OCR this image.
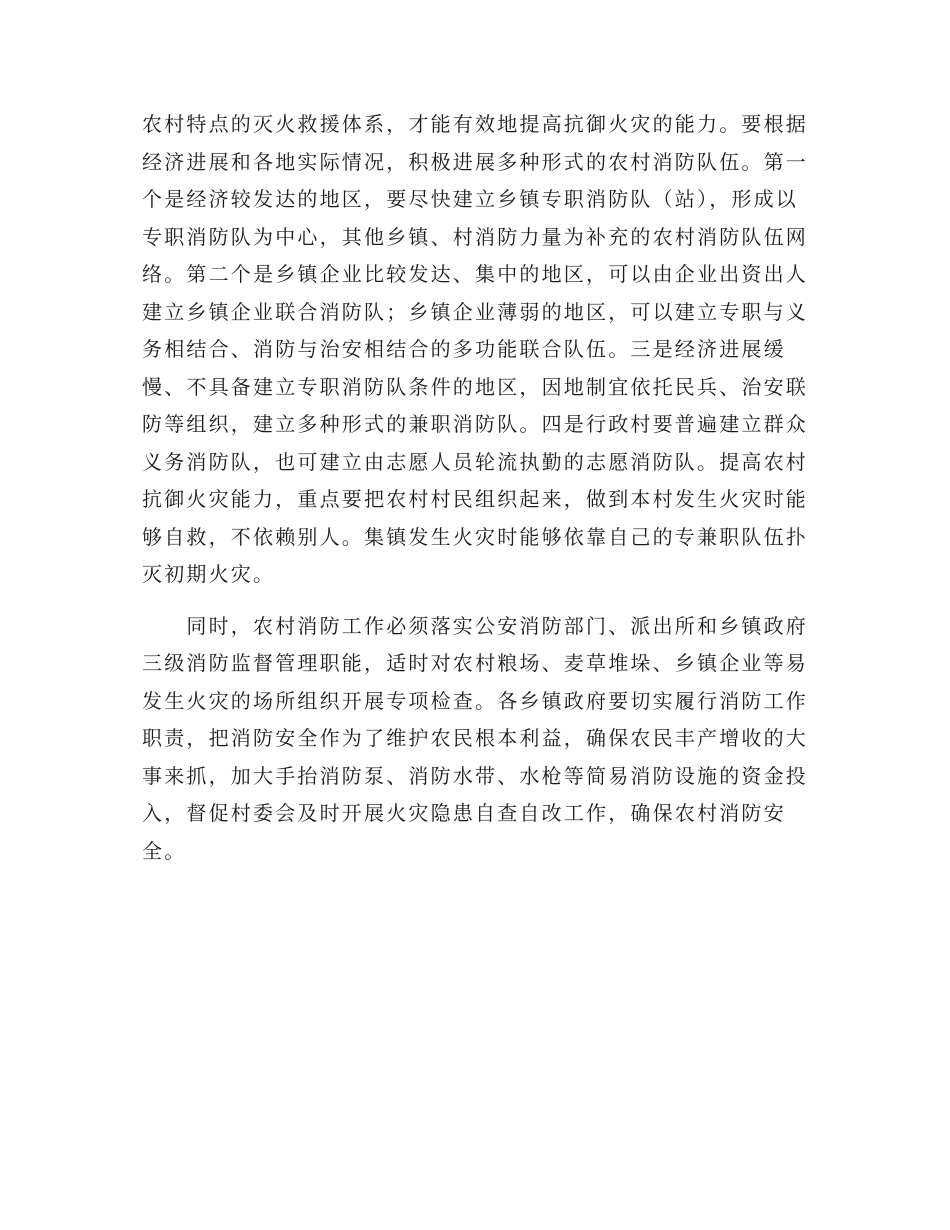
农村特点的灭火救援体系，才能有效地提高抗御火灾的能力。要根据
经济进展和各地实际情况，积极进展多种形式的农村消防队伍。第一
个是经济较发达的地区，要尽快建立乡镇专职消防队（站），形成以
专职消防队为中心，其他乡镇、村消防力量为补充的农村消防队伍网
络。第二个是乡镇企业比较发达、集中的地区，可以由企业出资出人
建立乡镇企业联合消防队；乡镇企业薄弱的地区，可以建立专职与义
务相结合、消防与治安相结合的多功能联合队伍。三是经济进展缓
慢、不具备建立专职消防队条件的地区，因地制宜依托民兵、治安联
防等组织，建立多种形式的兼职消防队。四是行政村要普遍建立群众
义务消防队，也可建立由志愿人员轮流执勤的志愿消防队。提高农村
抗御火灾能力，重点要把农村村民组织起来，做到本村发生火灾时能
够自救，不依赖别人。集镇发生火灾时能够依靠自己的专兼职队伍扑
灭初期火灾。
　　同时，农村消防工作必须落实公安消防部门、派出所和乡镇政府
三级消防监督管理职能，适时对农村粮场、麦草堆垛、乡镇企业等易
发生火灾的场所组织开展专项检查。各乡镇政府要切实履行消防工作
职责，把消防安全作为了维护农民根本利益，确保农民丰产增收的大
事来抓，加大手抬消防泵、消防水带、水枪等简易消防设施的资金投
入，督促村委会及时开展火灾隐患自查自改工作，确保农村消防安
全。
